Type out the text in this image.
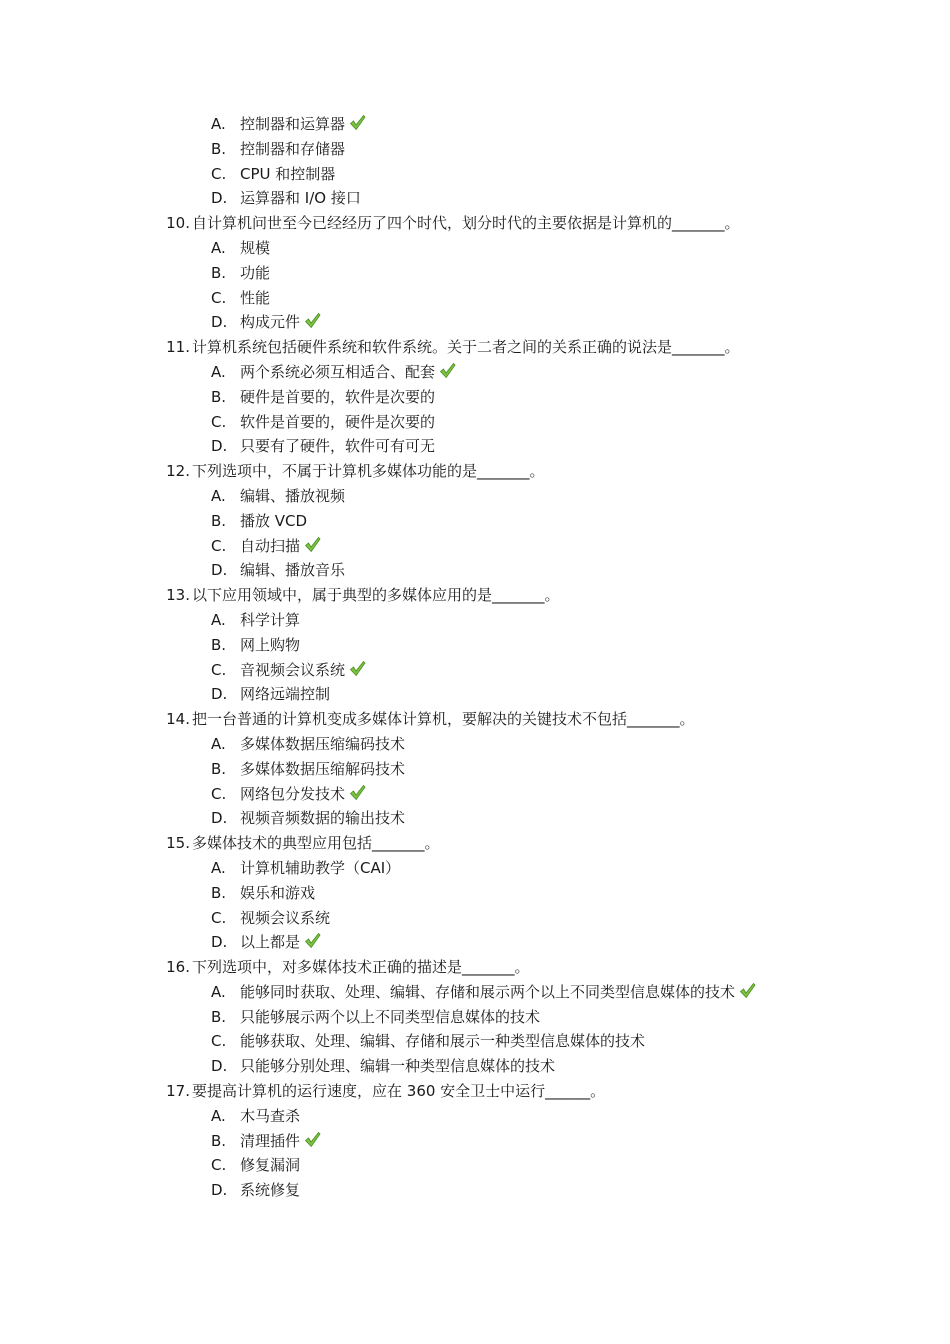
A. 控制器和运算器
B. 控制器和存储器
C. CPU 和控制器
D. 运算器和 I/O 接口
10. 自计算机问世至今已经经历了四个时代，划分时代的主要依据是计算机的_______。
A. 规模
B. 功能
C. 性能
D. 构成元件
11. 计算机系统包括硬件系统和软件系统。关于二者之间的关系正确的说法是_______。
A. 两个系统必须互相适合、配套
B. 硬件是首要的，软件是次要的
C. 软件是首要的，硬件是次要的
D. 只要有了硬件，软件可有可无
12. 下列选项中，不属于计算机多媒体功能的是_______。
A. 编辑、播放视频
B. 播放 VCD
C. 自动扫描
D. 编辑、播放音乐
13. 以下应用领域中，属于典型的多媒体应用的是_______。
A. 科学计算
B. 网上购物
C. 音视频会议系统
D. 网络远端控制
14. 把一台普通的计算机变成多媒体计算机，要解决的关键技术不包括_______。
A. 多媒体数据压缩编码技术
B. 多媒体数据压缩解码技术
C. 网络包分发技术
D. 视频音频数据的输出技术
15. 多媒体技术的典型应用包括_______。
A. 计算机辅助教学（CAI）
B. 娱乐和游戏
C. 视频会议系统
D. 以上都是
16. 下列选项中，对多媒体技术正确的描述是_______。
A. 能够同时获取、处理、编辑、存储和展示两个以上不同类型信息媒体的技术
B. 只能够展示两个以上不同类型信息媒体的技术
C. 能够获取、处理、编辑、存储和展示一种类型信息媒体的技术
D. 只能够分别处理、编辑一种类型信息媒体的技术
17. 要提高计算机的运行速度，应在 360 安全卫士中运行______。
A. 木马查杀
B. 清理插件
C. 修复漏洞
D. 系统修复
